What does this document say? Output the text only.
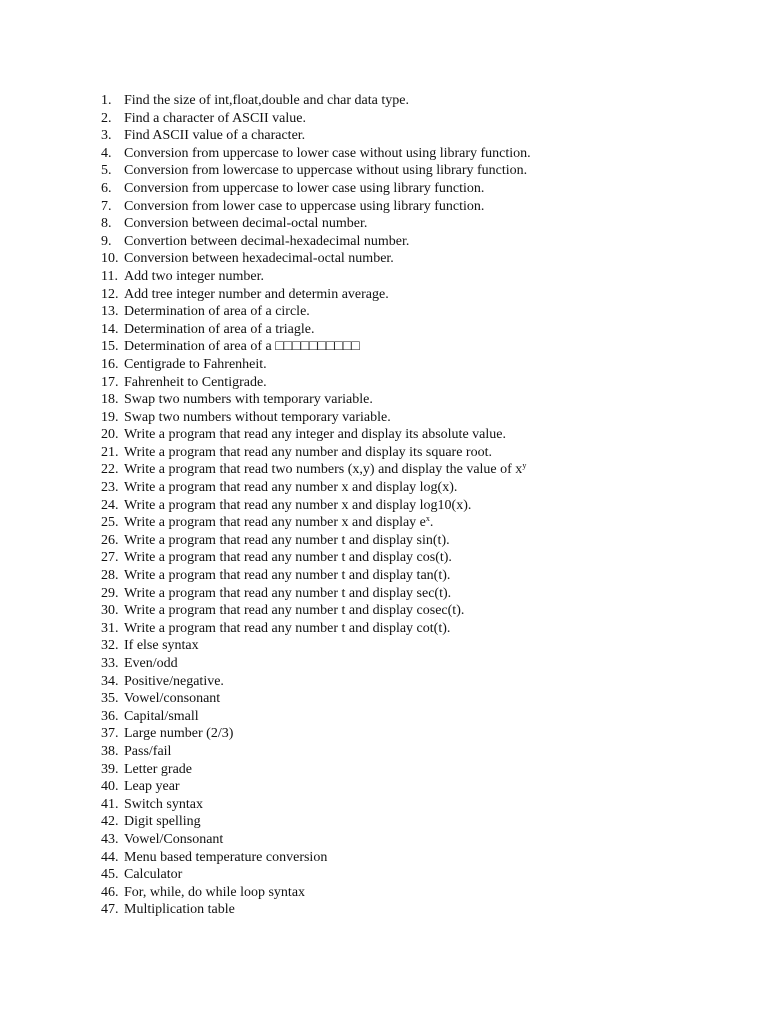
1. Find the size of int,float,double and char data type.
2. Find a character of ASCII value.
3. Find ASCII value of a character.
4. Conversion from uppercase to lower case without using library function.
5. Conversion from lowercase to uppercase without using library function.
6. Conversion from uppercase to lower case using library function.
7. Conversion from lower case to uppercase using library function.
8. Conversion between decimal-octal number.
9. Convertion between decimal-hexadecimal number.
10. Conversion between hexadecimal-octal number.
11. Add two integer number.
12. Add tree integer number and determin average.
13. Determination of area of a circle.
14. Determination of area of a triagle.
15. Determination of area of a □□□□□□□□□□
16. Centigrade to Fahrenheit.
17. Fahrenheit to Centigrade.
18. Swap two numbers with temporary variable.
19. Swap two numbers without temporary variable.
20. Write a program that read any integer and display its absolute value.
21. Write a program that read any number and display its square root.
22. Write a program that read two numbers (x,y) and display the value of $x^y$
23. Write a program that read any number x and display log(x).
24. Write a program that read any number x and display log10(x).
25. Write a program that read any number x and display $e^x$.
26. Write a program that read any number t and display sin(t).
27. Write a program that read any number t and display cos(t).
28. Write a program that read any number t and display tan(t).
29. Write a program that read any number t and display sec(t).
30. Write a program that read any number t and display cosec(t).
31. Write a program that read any number t and display cot(t).
32. If else syntax
33. Even/odd
34. Positive/negative.
35. Vowel/consonant
36. Capital/small
37. Large number (2/3)
38. Pass/fail
39. Letter grade
40. Leap year
41. Switch syntax
42. Digit spelling
43. Vowel/Consonant
44. Menu based temperature conversion
45. Calculator
46. For, while, do while loop syntax
47. Multiplication table
